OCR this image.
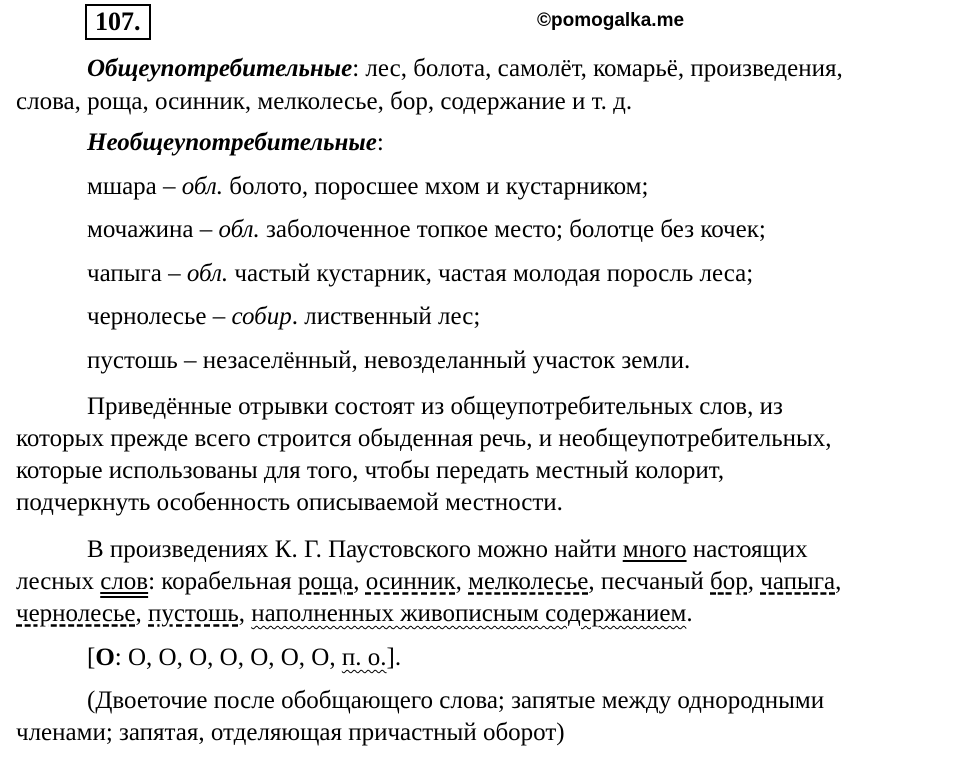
107.	©pomogalka.me
Общеупотребительные: лес, болота, самолёт, комарьё, произведения,
слова, роща, осинник, мелколесье, бор, содержание и т. д.
Необщеупотребительные:
мшара – обл. болото, поросшее мхом и кустарником;
мочажина – обл. заболоченное топкое место; болотце без кочек;
чапыга – обл. частый кустарник, частая молодая поросль леса;
чернолесье – собир. лиственный лес;
пустошь – незаселённый, невозделанный участок земли.
Приведённые отрывки состоят из общеупотребительных слов, из
которых прежде всего строится обыденная речь, и необщеупотребительных,
которые использованы для того, чтобы передать местный колорит,
подчеркнуть особенность описываемой местности.
В произведениях К. Г. Паустовского можно найти много настоящих
лесных слов: корабельная роща, осинник, мелколесье, песчаный бор, чапыга,
чернолесье, пустошь, наполненных живописным содержанием.
[О: О, О, О, О, О, О, О, п. о.].
(Двоеточие после обобщающего слова; запятые между однородными
членами; запятая, отделяющая причастный оборот)
